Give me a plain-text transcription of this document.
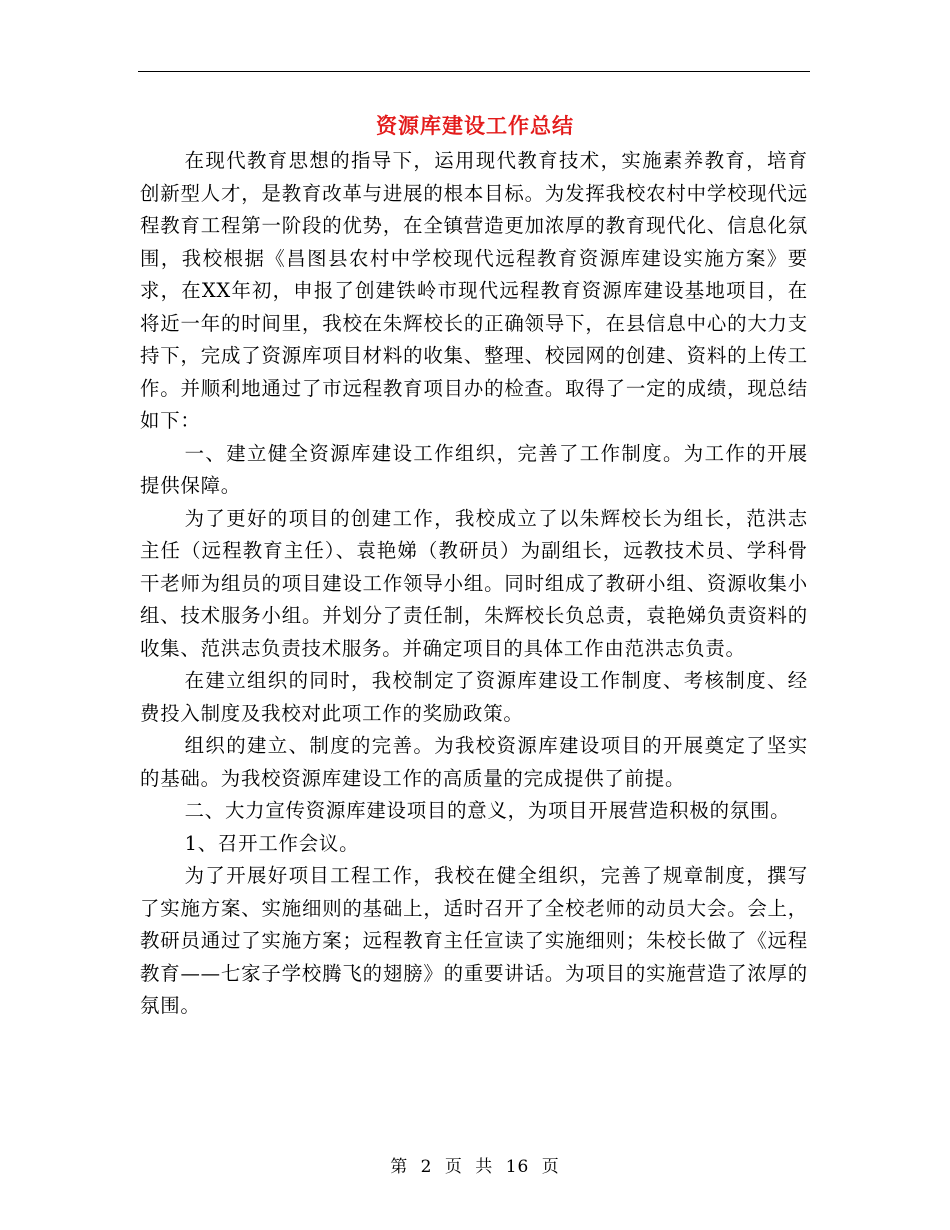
资源库建设工作总结

在现代教育思想的指导下，运用现代教育技术，实施素养教育，培育创新型人才，是教育改革与进展的根本目标。为发挥我校农村中学校现代远程教育工程第一阶段的优势，在全镇营造更加浓厚的教育现代化、信息化氛围，我校根据《昌图县农村中学校现代远程教育资源库建设实施方案》要求，在XX年初，申报了创建铁岭市现代远程教育资源库建设基地项目，在将近一年的时间里，我校在朱辉校长的正确领导下，在县信息中心的大力支持下，完成了资源库项目材料的收集、整理、校园网的创建、资料的上传工作。并顺利地通过了市远程教育项目办的检查。取得了一定的成绩，现总结如下：

一、建立健全资源库建设工作组织，完善了工作制度。为工作的开展提供保障。

为了更好的项目的创建工作，我校成立了以朱辉校长为组长，范洪志主任（远程教育主任）、袁艳娣（教研员）为副组长，远教技术员、学科骨干老师为组员的项目建设工作领导小组。同时组成了教研小组、资源收集小组、技术服务小组。并划分了责任制，朱辉校长负总责，袁艳娣负责资料的收集、范洪志负责技术服务。并确定项目的具体工作由范洪志负责。

在建立组织的同时，我校制定了资源库建设工作制度、考核制度、经费投入制度及我校对此项工作的奖励政策。

组织的建立、制度的完善。为我校资源库建设项目的开展奠定了坚实的基础。为我校资源库建设工作的高质量的完成提供了前提。

二、大力宣传资源库建设项目的意义，为项目开展营造积极的氛围。

1、召开工作会议。

为了开展好项目工程工作，我校在健全组织，完善了规章制度，撰写了实施方案、实施细则的基础上，适时召开了全校老师的动员大会。会上，教研员通过了实施方案；远程教育主任宣读了实施细则；朱校长做了《远程教育——七家子学校腾飞的翅膀》的重要讲话。为项目的实施营造了浓厚的氛围。

第 2 页 共 16 页
